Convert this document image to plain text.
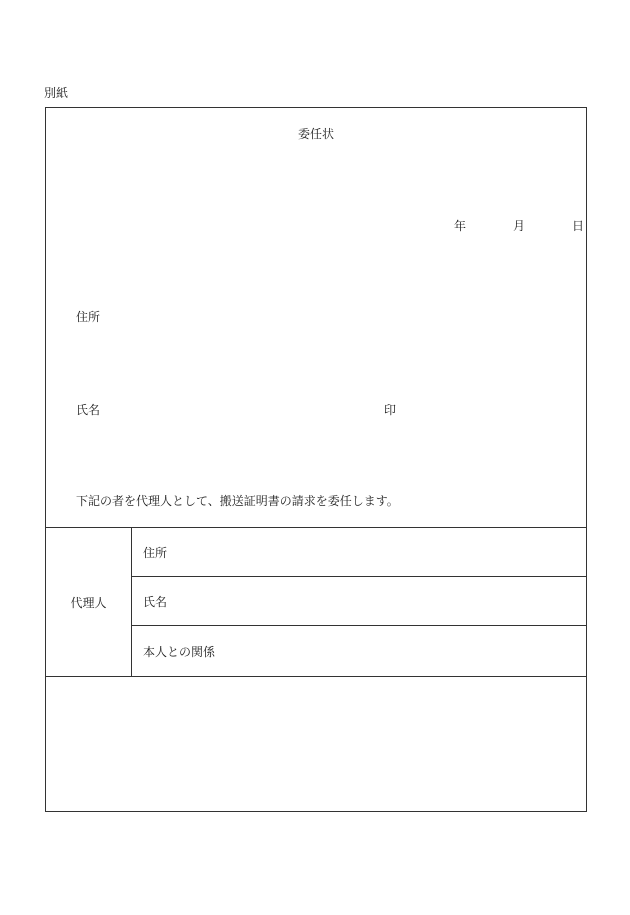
別紙
委任状
年	月	日
住所
氏名	印
下記の者を代理人として、搬送証明書の請求を委任します。
代理人
住所
氏名
本人との関係
